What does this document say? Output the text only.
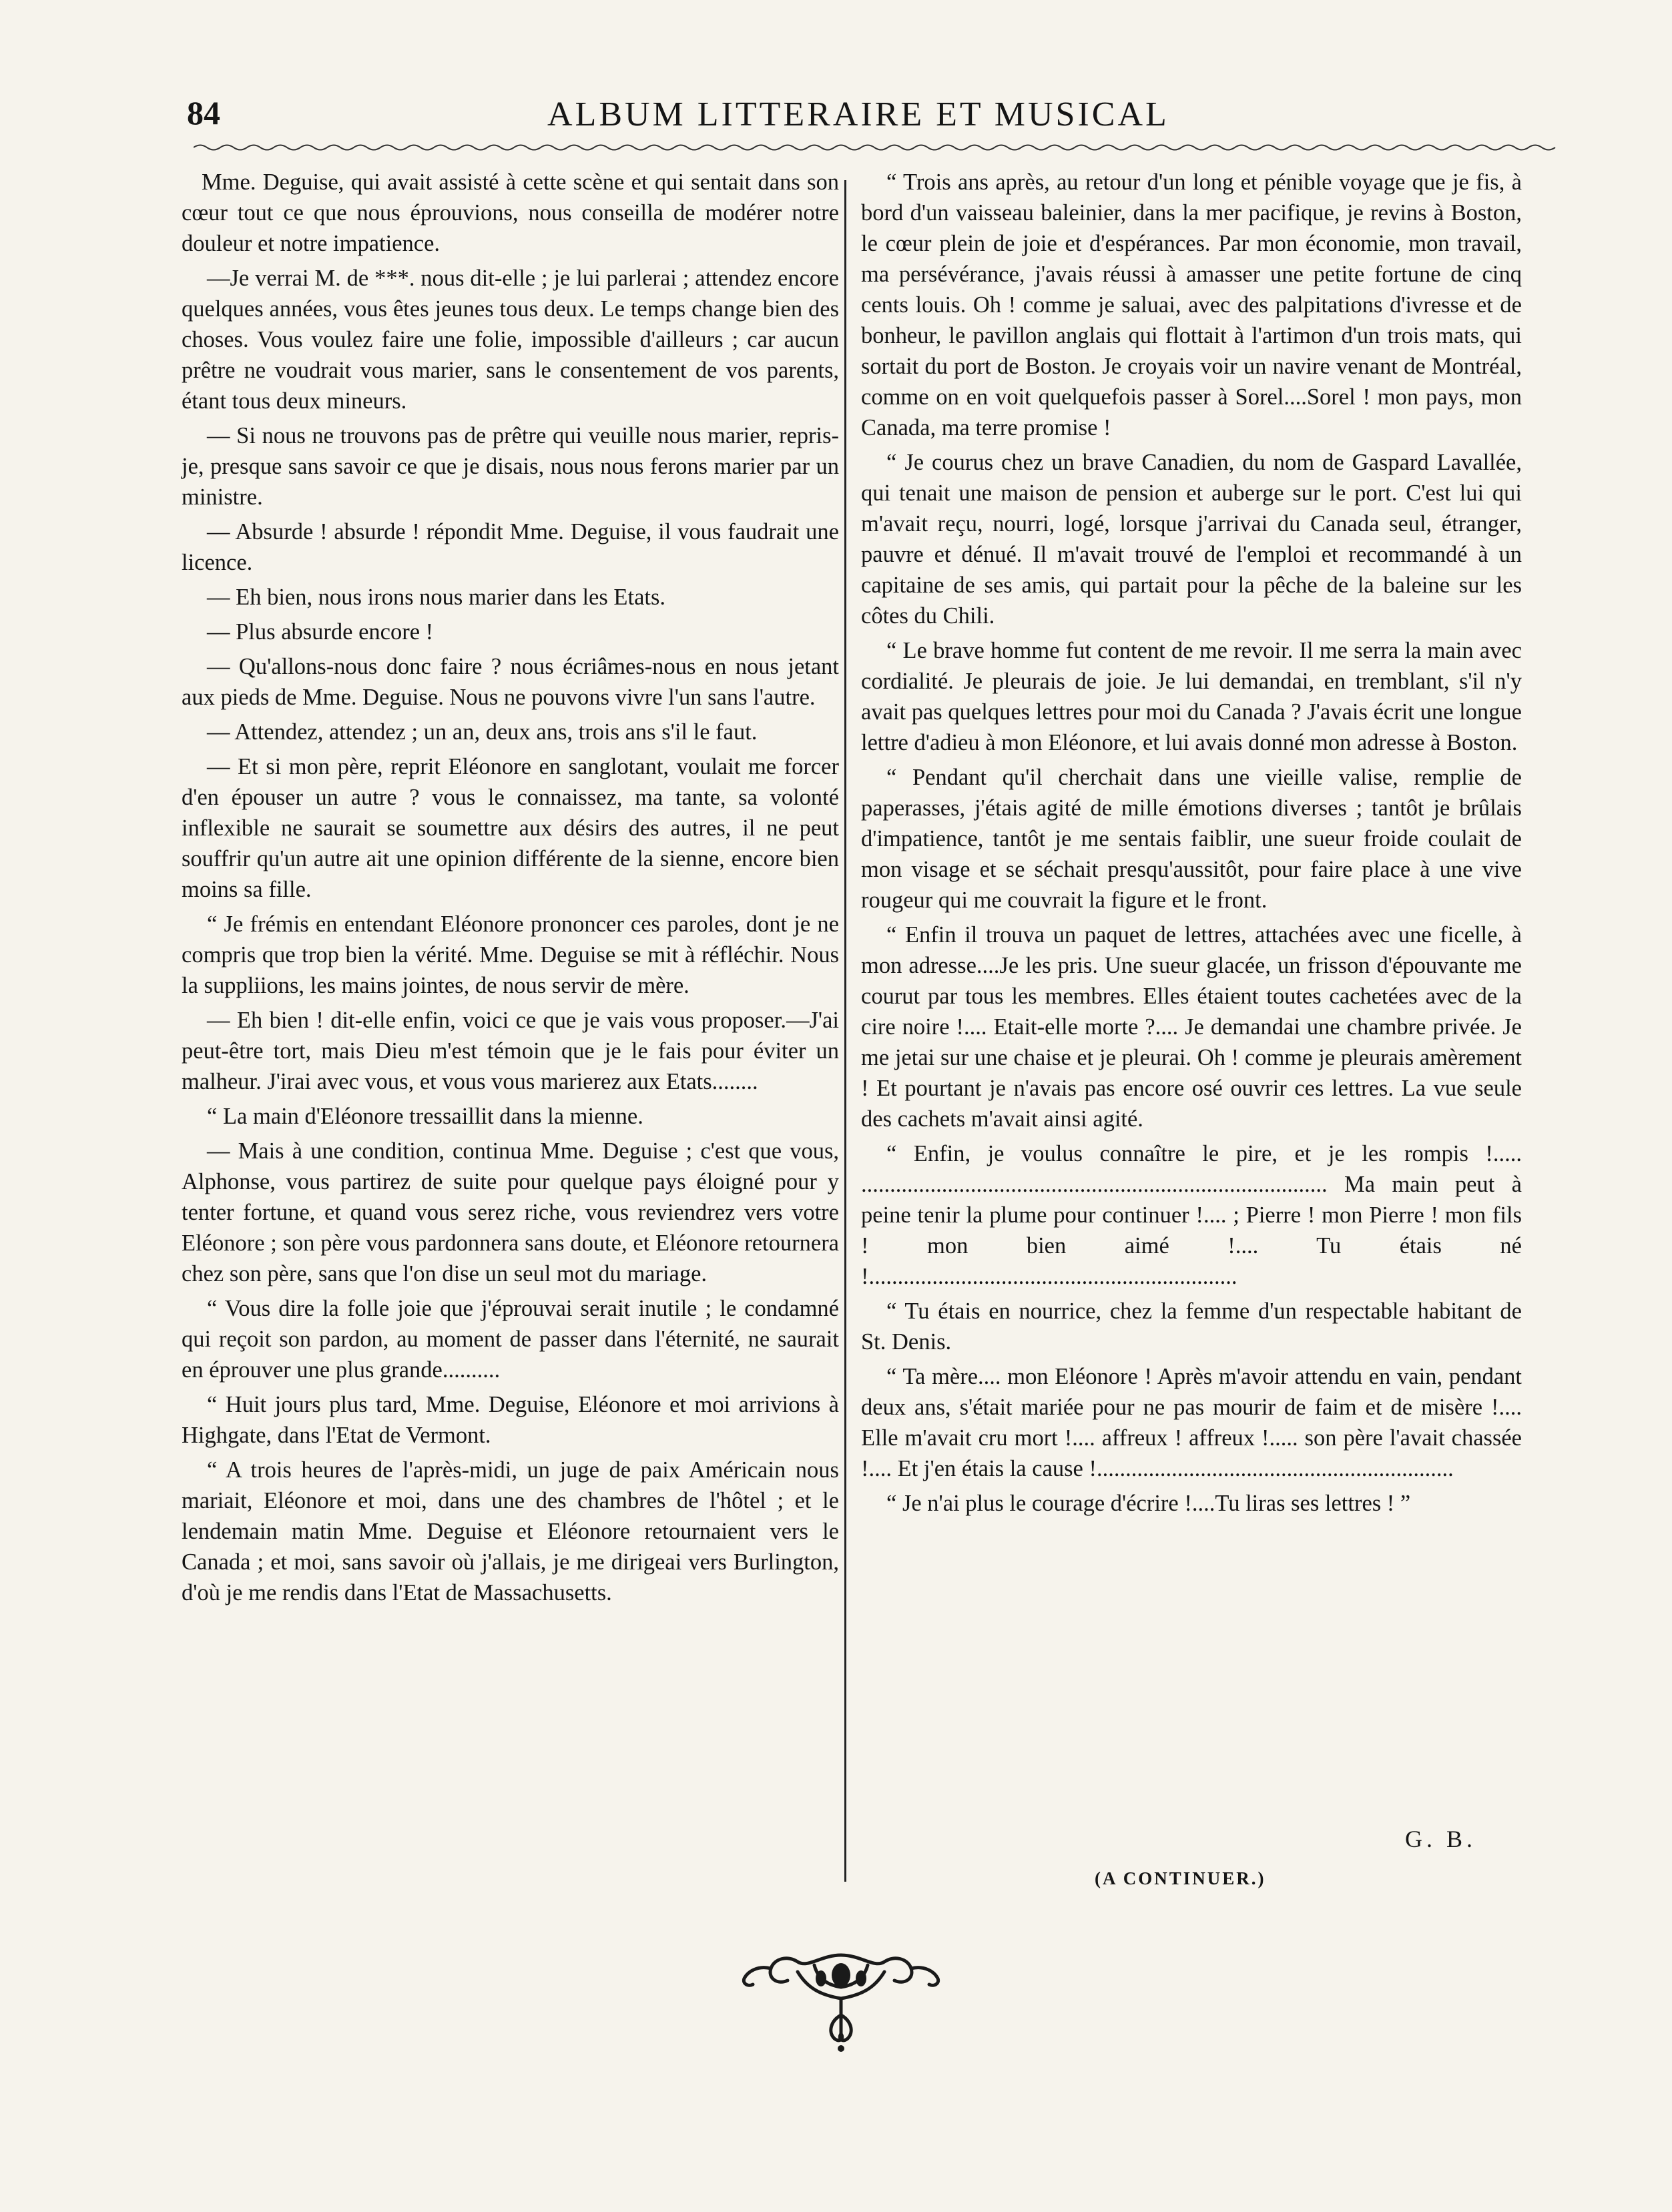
84	ALBUM LITTERAIRE ET MUSICAL

Mme. Deguise, qui avait assisté à cette scène et qui sentait dans son cœur tout ce que nous éprouvions, nous conseilla de modérer notre douleur et notre impatience.

—Je verrai M. de ***. nous dit-elle ; je lui parlerai ; attendez encore quelques années, vous êtes jeunes tous deux. Le temps change bien des choses. Vous voulez faire une folie, impossible d'ailleurs ; car aucun prêtre ne voudrait vous marier, sans le consentement de vos parents, étant tous deux mineurs.

— Si nous ne trouvons pas de prêtre qui veuille nous marier, repris-je, presque sans savoir ce que je disais, nous nous ferons marier par un ministre.

— Absurde ! absurde ! répondit Mme. Deguise, il vous faudrait une licence.

— Eh bien, nous irons nous marier dans les Etats.

— Plus absurde encore !

— Qu'allons-nous donc faire ? nous écriâmes-nous en nous jetant aux pieds de Mme. Deguise. Nous ne pouvons vivre l'un sans l'autre.

— Attendez, attendez ; un an, deux ans, trois ans s'il le faut.

— Et si mon père, reprit Eléonore en sanglotant, voulait me forcer d'en épouser un autre ? vous le connaissez, ma tante, sa volonté inflexible ne saurait se soumettre aux désirs des autres, il ne peut souffrir qu'un autre ait une opinion différente de la sienne, encore bien moins sa fille.

“ Je frémis en entendant Eléonore prononcer ces paroles, dont je ne compris que trop bien la vérité. Mme. Deguise se mit à réfléchir. Nous la suppliions, les mains jointes, de nous servir de mère.

— Eh bien ! dit-elle enfin, voici ce que je vais vous proposer.—J'ai peut-être tort, mais Dieu m'est témoin que je le fais pour éviter un malheur. J'irai avec vous, et vous vous marierez aux Etats........

“ La main d'Eléonore tressaillit dans la mienne.

— Mais à une condition, continua Mme. Deguise ; c'est que vous, Alphonse, vous partirez de suite pour quelque pays éloigné pour y tenter fortune, et quand vous serez riche, vous reviendrez vers votre Eléonore ; son père vous pardonnera sans doute, et Eléonore retournera chez son père, sans que l'on dise un seul mot du mariage.

“ Vous dire la folle joie que j'éprouvai serait inutile ; le condamné qui reçoit son pardon, au moment de passer dans l'éternité, ne saurait en éprouver une plus grande..........

“ Huit jours plus tard, Mme. Deguise, Eléonore et moi arrivions à Highgate, dans l'Etat de Vermont.

“ A trois heures de l'après-midi, un juge de paix Américain nous mariait, Eléonore et moi, dans une des chambres de l'hôtel ; et le lendemain matin Mme. Deguise et Eléonore retournaient vers le Canada ; et moi, sans savoir où j'allais, je me dirigeai vers Burlington, d'où je me rendis dans l'Etat de Massachusetts.

“ Trois ans après, au retour d'un long et pénible voyage que je fis, à bord d'un vaisseau baleinier, dans la mer pacifique, je revins à Boston, le cœur plein de joie et d'espérances. Par mon économie, mon travail, ma persévérance, j'avais réussi à amasser une petite fortune de cinq cents louis. Oh ! comme je saluai, avec des palpitations d'ivresse et de bonheur, le pavillon anglais qui flottait à l'artimon d'un trois mats, qui sortait du port de Boston. Je croyais voir un navire venant de Montréal, comme on en voit quelquefois passer à Sorel....Sorel ! mon pays, mon Canada, ma terre promise !

“ Je courus chez un brave Canadien, du nom de Gaspard Lavallée, qui tenait une maison de pension et auberge sur le port. C'est lui qui m'avait reçu, nourri, logé, lorsque j'arrivai du Canada seul, étranger, pauvre et dénué. Il m'avait trouvé de l'emploi et recommandé à un capitaine de ses amis, qui partait pour la pêche de la baleine sur les côtes du Chili.

“ Le brave homme fut content de me revoir. Il me serra la main avec cordialité. Je pleurais de joie. Je lui demandai, en tremblant, s'il n'y avait pas quelques lettres pour moi du Canada ? J'avais écrit une longue lettre d'adieu à mon Eléonore, et lui avais donné mon adresse à Boston.

“ Pendant qu'il cherchait dans une vieille valise, remplie de paperasses, j'étais agité de mille émotions diverses ; tantôt je brûlais d'impatience, tantôt je me sentais faiblir, une sueur froide coulait de mon visage et se séchait presqu'aussitôt, pour faire place à une vive rougeur qui me couvrait la figure et le front.

“ Enfin il trouva un paquet de lettres, attachées avec une ficelle, à mon adresse....Je les pris. Une sueur glacée, un frisson d'épouvante me courut par tous les membres. Elles étaient toutes cachetées avec de la cire noire !.... Etait-elle morte ?.... Je demandai une chambre privée. Je me jetai sur une chaise et je pleurai. Oh ! comme je pleurais amèrement ! Et pourtant je n'avais pas encore osé ouvrir ces lettres. La vue seule des cachets m'avait ainsi agité.

“ Enfin, je voulus connaître le pire, et je les rompis !..... ................................................................................. Ma main peut à peine tenir la plume pour continuer !.... ; Pierre ! mon Pierre ! mon fils ! mon bien aimé !.... Tu étais né !................................................................

“ Tu étais en nourrice, chez la femme d'un respectable habitant de St. Denis.

“ Ta mère.... mon Eléonore ! Après m'avoir attendu en vain, pendant deux ans, s'était mariée pour ne pas mourir de faim et de misère !.... Elle m'avait cru mort !.... affreux ! affreux !..... son père l'avait chassée !.... Et j'en étais la cause !..............................................................

“ Je n'ai plus le courage d'écrire !....Tu liras ses lettres ! ”

G. B.
(A CONTINUER.)
